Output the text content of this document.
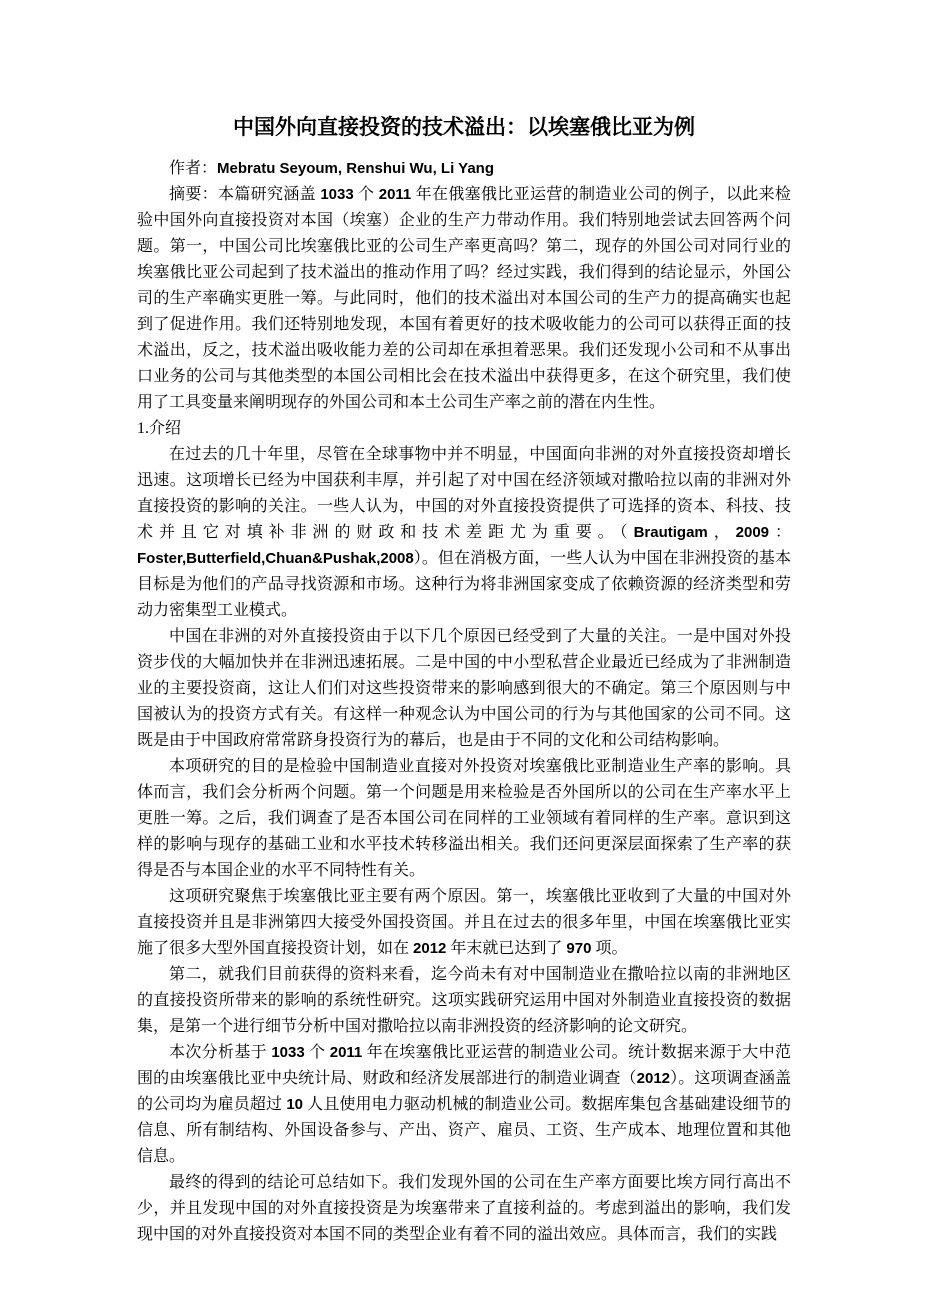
中国外向直接投资的技术溢出：以埃塞俄比亚为例

作者：Mebratu Seyoum, Renshui Wu, Li Yang

摘要：本篇研究涵盖 1033 个 2011 年在俄塞俄比亚运营的制造业公司的例子，以此来检验中国外向直接投资对本国（埃塞）企业的生产力带动作用。我们特别地尝试去回答两个问题。第一，中国公司比埃塞俄比亚的公司生产率更高吗？第二，现存的外国公司对同行业的埃塞俄比亚公司起到了技术溢出的推动作用了吗？经过实践，我们得到的结论显示，外国公司的生产率确实更胜一筹。与此同时，他们的技术溢出对本国公司的生产力的提高确实也起到了促进作用。我们还特别地发现，本国有着更好的技术吸收能力的公司可以获得正面的技术溢出，反之，技术溢出吸收能力差的公司却在承担着恶果。我们还发现小公司和不从事出口业务的公司与其他类型的本国公司相比会在技术溢出中获得更多，在这个研究里，我们使用了工具变量来阐明现存的外国公司和本土公司生产率之前的潜在内生性。

1.介绍

在过去的几十年里，尽管在全球事物中并不明显，中国面向非洲的对外直接投资却增长迅速。这项增长已经为中国获利丰厚，并引起了对中国在经济领域对撒哈拉以南的非洲对外直接投资的影响的关注。一些人认为，中国的对外直接投资提供了可选择的资本、科技、技术并且它对填补非洲的财政和技术差距尤为重要。（Brautigam，2009：Foster,Butterfield,Chuan&Pushak,2008）。但在消极方面，一些人认为中国在非洲投资的基本目标是为他们的产品寻找资源和市场。这种行为将非洲国家变成了依赖资源的经济类型和劳动力密集型工业模式。

中国在非洲的对外直接投资由于以下几个原因已经受到了大量的关注。一是中国对外投资步伐的大幅加快并在非洲迅速拓展。二是中国的中小型私营企业最近已经成为了非洲制造业的主要投资商，这让人们们对这些投资带来的影响感到很大的不确定。第三个原因则与中国被认为的投资方式有关。有这样一种观念认为中国公司的行为与其他国家的公司不同。这既是由于中国政府常常跻身投资行为的幕后，也是由于不同的文化和公司结构影响。

本项研究的目的是检验中国制造业直接对外投资对埃塞俄比亚制造业生产率的影响。具体而言，我们会分析两个问题。第一个问题是用来检验是否外国所以的公司在生产率水平上更胜一筹。之后，我们调查了是否本国公司在同样的工业领域有着同样的生产率。意识到这样的影响与现存的基础工业和水平技术转移溢出相关。我们还问更深层面探索了生产率的获得是否与本国企业的水平不同特性有关。

这项研究聚焦于埃塞俄比亚主要有两个原因。第一，埃塞俄比亚收到了大量的中国对外直接投资并且是非洲第四大接受外国投资国。并且在过去的很多年里，中国在埃塞俄比亚实施了很多大型外国直接投资计划，如在 2012 年末就已达到了 970 项。

第二，就我们目前获得的资料来看，迄今尚未有对中国制造业在撒哈拉以南的非洲地区的直接投资所带来的影响的系统性研究。这项实践研究运用中国对外制造业直接投资的数据集，是第一个进行细节分析中国对撒哈拉以南非洲投资的经济影响的论文研究。

本次分析基于 1033 个 2011 年在埃塞俄比亚运营的制造业公司。统计数据来源于大中范围的由埃塞俄比亚中央统计局、财政和经济发展部进行的制造业调查（2012）。这项调查涵盖的公司均为雇员超过 10 人且使用电力驱动机械的制造业公司。数据库集包含基础建设细节的信息、所有制结构、外国设备参与、产出、资产、雇员、工资、生产成本、地理位置和其他信息。

最终的得到的结论可总结如下。我们发现外国的公司在生产率方面要比埃方同行高出不少，并且发现中国的对外直接投资是为埃塞带来了直接利益的。考虑到溢出的影响，我们发现中国的对外直接投资对本国不同的类型企业有着不同的溢出效应。具体而言，我们的实践
